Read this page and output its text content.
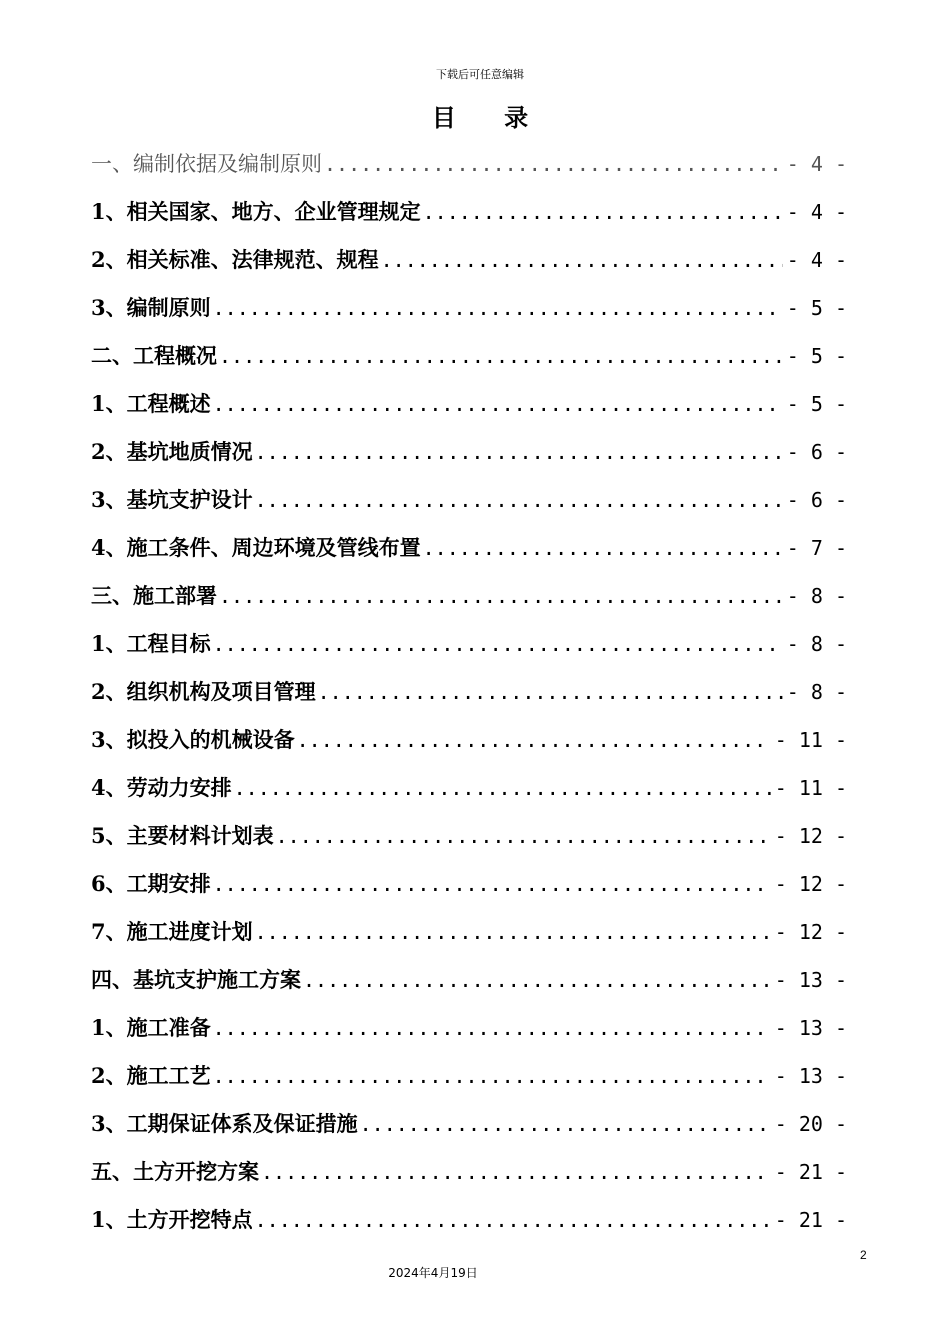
下载后可任意编辑
目 录
一、编制依据及编制原则 .....	- 4 -
1、相关国家、地方、企业管理规定 .....	- 4 -
2、相关标准、法律规范、规程 .....	- 4 -
3、编制原则 .....	- 5 -
二、工程概况 .....	- 5 -
1、工程概述 .....	- 5 -
2、基坑地质情况 .....	- 6 -
3、基坑支护设计 .....	- 6 -
4、施工条件、周边环境及管线布置 .....	- 7 -
三、施工部署 .....	- 8 -
1、工程目标 .....	- 8 -
2、组织机构及项目管理 .....	- 8 -
3、拟投入的机械设备 .....	- 11 -
4、劳动力安排 .....	- 11 -
5、主要材料计划表 .....	- 12 -
6、工期安排 .....	- 12 -
7、施工进度计划 .....	- 12 -
四、基坑支护施工方案 .....	- 13 -
1、施工准备 .....	- 13 -
2、施工工艺 .....	- 13 -
3、工期保证体系及保证措施 .....	- 20 -
五、土方开挖方案 .....	- 21 -
1、土方开挖特点 .....	- 21 -
2
2024年4月19日
